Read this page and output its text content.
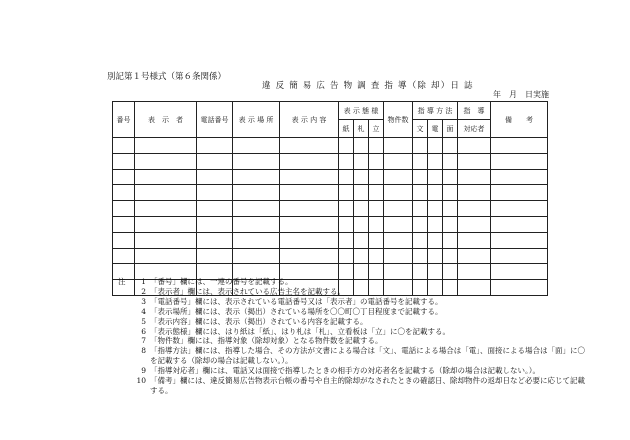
別記第１号様式（第６条関係）
違 反 簡 易 広 告 物 調 査 指 導（除 却）日 誌
年　月　日実施
番号	表　示　者	電話番号	表 示 場 所	表 示 内 容	表 示 態 様			物件数	指 導 方 法			指　導	備　　考
					紙	札	立		文	電	面	対応者	

注	1 「番号」欄には、一連の番号を記載する。
2 「表示者」欄には、表示されている広告主名を記載する。
3 「電話番号」欄には、表示されている電話番号又は「表示者」の電話番号を記載する。
4 「表示場所」欄には、表示（掲出）されている場所を〇〇町〇丁目程度まで記載する。
5 「表示内容」欄には、表示（掲出）されている内容を記載する。
6 「表示態様」欄には、はり紙は「紙」、はり札は「札」、立看板は「立」に〇を記載する。
7 「物件数」欄には、指導対象（除却対象）となる物件数を記載する。
8 「指導方法」欄には、指導した場合、その方法が文書による場合は「文」、電話による場合は「電」、面接による場合は「面」に〇を記載する（除却の場合は記載しない。）。
9 「指導対応者」欄には、電話又は面接で指導したときの相手方の対応者名を記載する（除却の場合は記載しない。）。
10 「備考」欄には、違反簡易広告物表示台帳の番号や自主的除却がなされたときの確認日、除却物件の返却日など必要に応じて記載する。
